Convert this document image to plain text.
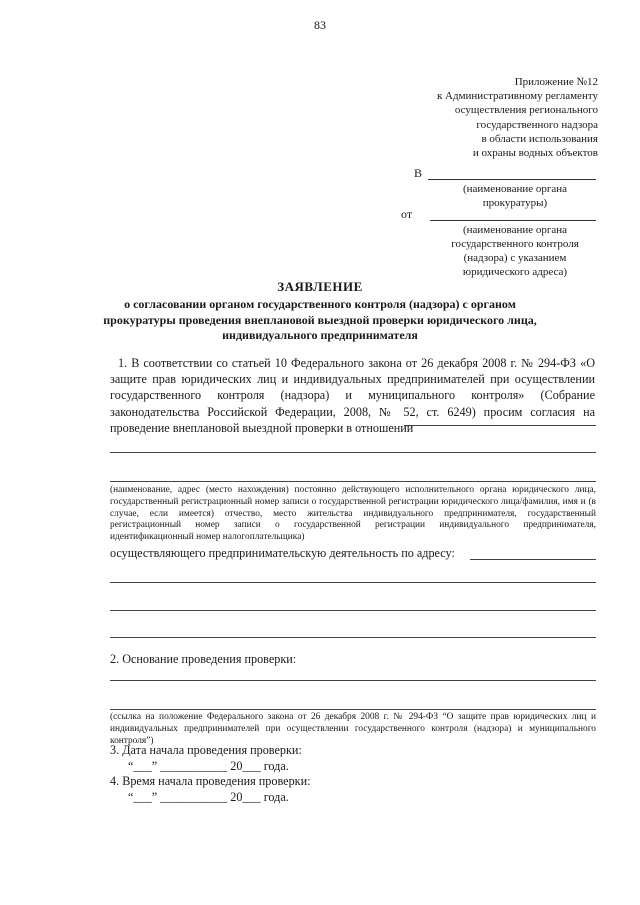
83
Приложение №12
к Административному регламенту
осуществления регионального
государственного надзора
в области использования
и охраны водных объектов
В
(наименование органа
прокуратуры)
от
(наименование органа
государственного контроля
(надзора) с указанием
юридического адреса)
ЗАЯВЛЕНИЕ
о согласовании органом государственного контроля (надзора) с органом
прокуратуры проведения внеплановой выездной проверки юридического лица,
индивидуального предпринимателя
1. В соответствии со статьей 10 Федерального закона от 26 декабря 2008 г. № 294-ФЗ «О защите прав юридических лиц и индивидуальных предпринимателей при осуществлении государственного контроля (надзора) и муниципального контроля» (Собрание законодательства Российской Федерации, 2008, № 52, ст. 6249) просим согласия на проведение внеплановой выездной проверки в отношении
(наименование, адрес (место нахождения) постоянно действующего исполнительного органа юридического лица, государственный регистрационный номер записи о государственной регистрации юридического лица/фамилия, имя и (в случае, если имеется) отчество, место жительства индивидуального предпринимателя, государственный регистрационный номер записи о государственной регистрации индивидуального предпринимателя, идентификационный номер налогоплательщика)
осуществляющего предпринимательскую деятельность по адресу:
2. Основание проведения проверки:
(ссылка на положение Федерального закона от 26 декабря 2008 г. № 294-ФЗ “О защите прав юридических лиц и индивидуальных предпринимателей при осуществлении государственного контроля (надзора) и муниципального контроля”)
3. Дата начала проведения проверки:
“___” ___________ 20___ года.
4. Время начала проведения проверки:
“___” ___________ 20___ года.
